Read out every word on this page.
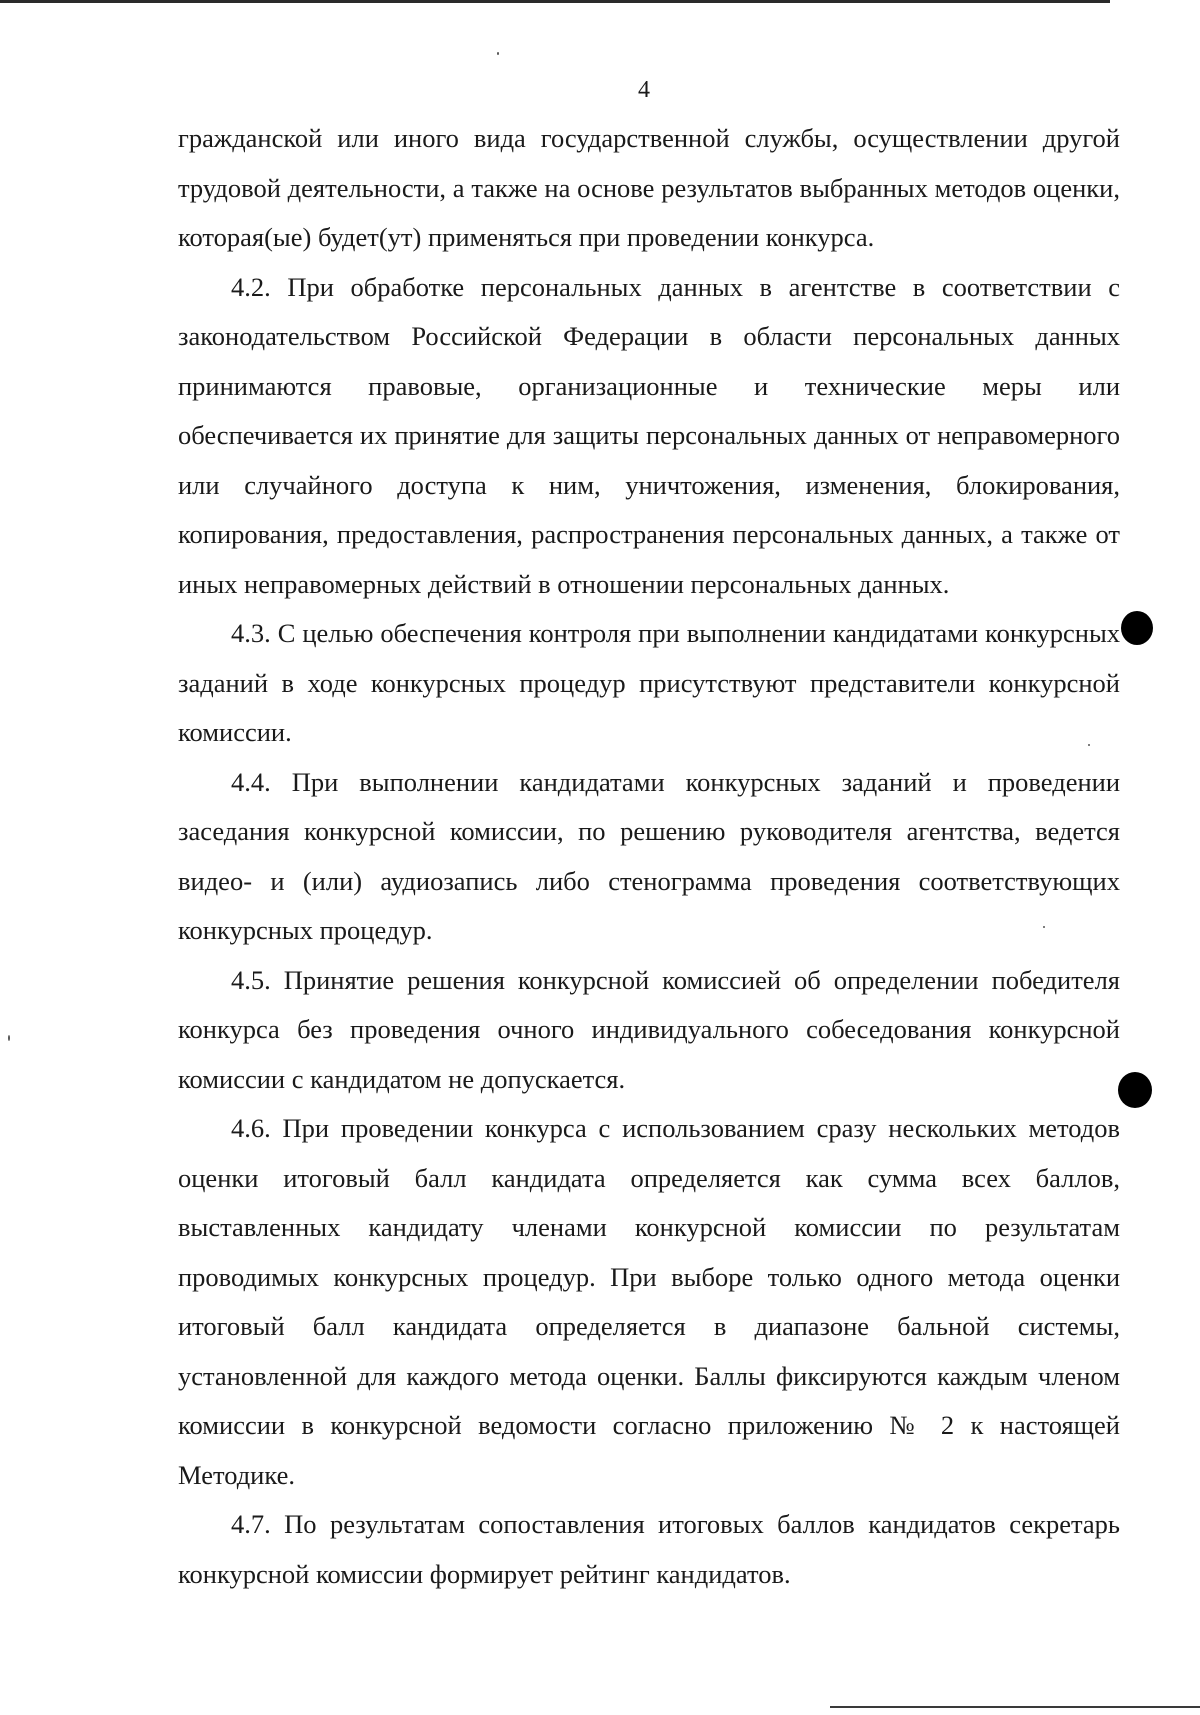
4

гражданской или иного вида государственной службы, осуществлении другой трудовой деятельности, а также на основе результатов выбранных методов оценки, которая(ые) будет(ут) применяться при проведении конкурса.

4.2. При обработке персональных данных в агентстве в соответствии с законодательством Российской Федерации в области персональных данных принимаются правовые, организационные и технические меры или обеспечивается их принятие для защиты персональных данных от неправомерного или случайного доступа к ним, уничтожения, изменения, блокирования, копирования, предоставления, распространения персональных данных, а также от иных неправомерных действий в отношении персональных данных.

4.3. С целью обеспечения контроля при выполнении кандидатами конкурсных заданий в ходе конкурсных процедур присутствуют представители конкурсной комиссии.

4.4. При выполнении кандидатами конкурсных заданий и проведении заседания конкурсной комиссии, по решению руководителя агентства, ведется видео- и (или) аудиозапись либо стенограмма проведения соответствующих конкурсных процедур.

4.5. Принятие решения конкурсной комиссией об определении победителя конкурса без проведения очного индивидуального собеседования конкурсной комиссии с кандидатом не допускается.

4.6. При проведении конкурса с использованием сразу нескольких методов оценки итоговый балл кандидата определяется как сумма всех баллов, выставленных кандидату членами конкурсной комиссии по результатам проводимых конкурсных процедур. При выборе только одного метода оценки итоговый балл кандидата определяется в диапазоне бальной системы, установленной для каждого метода оценки. Баллы фиксируются каждым членом комиссии в конкурсной ведомости согласно приложению № 2 к настоящей Методике.

4.7. По результатам сопоставления итоговых баллов кандидатов секретарь конкурсной комиссии формирует рейтинг кандидатов.
